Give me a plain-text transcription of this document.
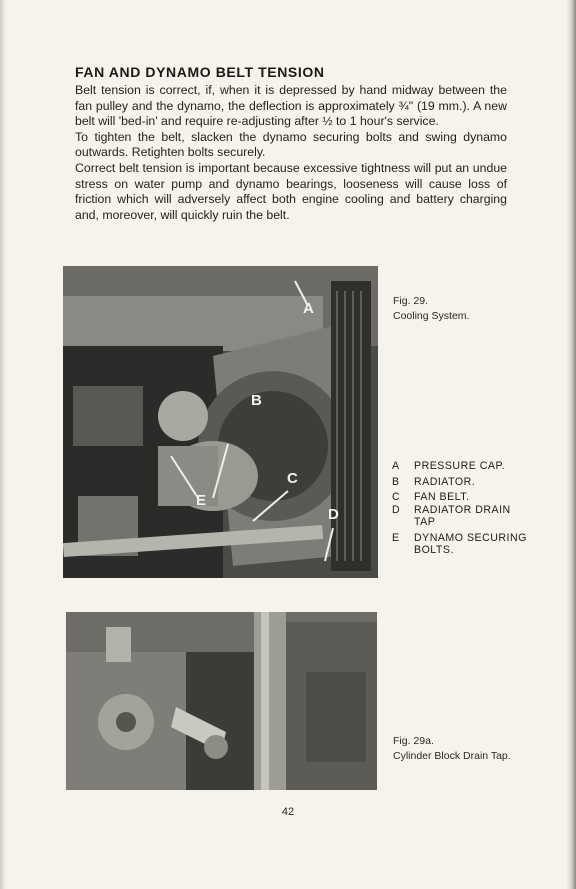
FAN AND DYNAMO BELT TENSION

Belt tension is correct, if, when it is depressed by hand midway between the fan pulley and the dynamo, the deflection is approximately ¾" (19 mm.). A new belt will 'bed-in' and require re-adjusting after ½ to 1 hour's service.

To tighten the belt, slacken the dynamo securing bolts and swing dynamo outwards. Retighten bolts securely.

Correct belt tension is important because excessive tightness will put an undue stress on water pump and dynamo bearings, looseness will cause loss of friction which will adversely affect both engine cooling and battery charging and, moreover, will quickly ruin the belt.

A
B
C
D
E
Fig. 29.
Cooling System.
A	PRESSURE CAP.
B	RADIATOR.
C	FAN BELT.
D	RADIATOR DRAIN TAP
E	DYNAMO SECURING BOLTS.
Fig. 29a.
Cylinder Block Drain Tap.
42
